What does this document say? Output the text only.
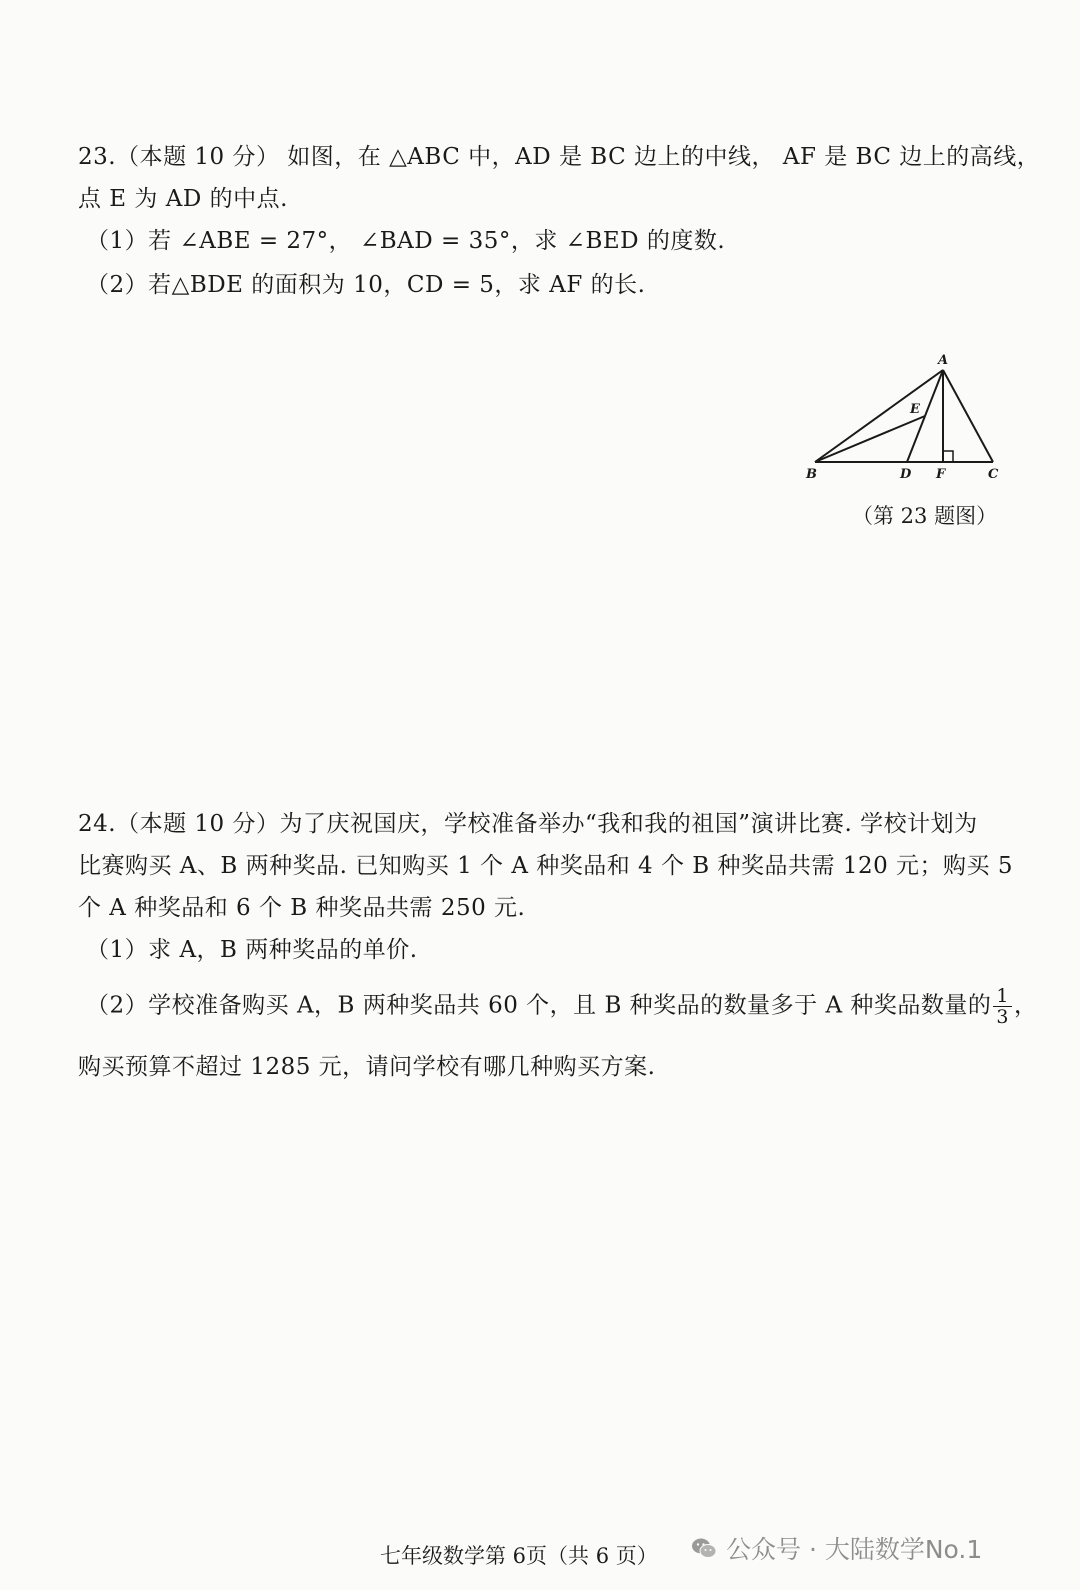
23.（本题 10 分） 如图，在 △ABC 中，AD 是 BC 边上的中线， AF 是 BC 边上的高线，
点 E 为 AD 的中点.
（1）若 ∠ABE = 27°， ∠BAD = 35°，求 ∠BED 的度数.
（2）若△BDE 的面积为 10，CD = 5，求 AF 的长.
A
E
B	D F	C
（第 23 题图）
24.（本题 10 分）为了庆祝国庆，学校准备举办“我和我的祖国”演讲比赛. 学校计划为
比赛购买 A、B 两种奖品. 已知购买 1 个 A 种奖品和 4 个 B 种奖品共需 120 元；购买 5
个 A 种奖品和 6 个 B 种奖品共需 250 元.
（1）求 A，B 两种奖品的单价.
（2）学校准备购买 A，B 两种奖品共 60 个，且 B 种奖品的数量多于 A 种奖品数量的 $\frac{1}{3}$ ，
购买预算不超过 1285 元，请问学校有哪几种购买方案.
七年级数学第 6页（共 6 页）	公众号 · 大陆数学No.1
